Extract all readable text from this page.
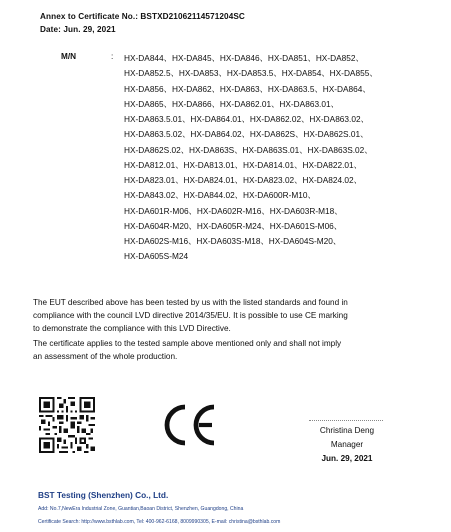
Annex to Certificate No.: BSTXD21062114571204SC
Date: Jun. 29, 2021
M/N	: HX-DA844、HX-DA845、HX-DA846、HX-DA851、HX-DA852、
HX-DA852.5、HX-DA853、HX-DA853.5、HX-DA854、HX-DA855、
HX-DA856、HX-DA862、HX-DA863、HX-DA863.5、HX-DA864、
HX-DA865、HX-DA866、HX-DA862.01、HX-DA863.01、
HX-DA863.5.01、HX-DA864.01、HX-DA862.02、HX-DA863.02、
HX-DA863.5.02、HX-DA864.02、HX-DA862S、HX-DA862S.01、
HX-DA862S.02、HX-DA863S、HX-DA863S.01、HX-DA863S.02、
HX-DA812.01、HX-DA813.01、HX-DA814.01、HX-DA822.01、
HX-DA823.01、HX-DA824.01、HX-DA823.02、HX-DA824.02、
HX-DA843.02、HX-DA844.02、HX-DA600R-M10、
HX-DA601R-M06、HX-DA602R-M16、HX-DA603R-M18、
HX-DA604R-M20、HX-DA605R-M24、HX-DA601S-M06、
HX-DA602S-M16、HX-DA603S-M18、HX-DA604S-M20、
HX-DA605S-M24
The EUT described above has been tested by us with the listed standards and found in
compliance with the council LVD directive 2014/35/EU. It is possible to use CE marking
to demonstrate the compliance with this LVD Directive.
The certificate applies to the tested sample above mentioned only and shall not imply
an assessment of the whole production.
Christina Deng
Manager
Jun. 29, 2021
BST Testing (Shenzhen) Co., Ltd.
Add: No.7,NewEra Industrial Zone, Guantian,Baoan District, Shenzhen, Guangdong, China
Certificate Search: http://www.bsthlab.com, Tel: 400-962-6168, 8009990305, E-mail: christina@bsthlab.com
